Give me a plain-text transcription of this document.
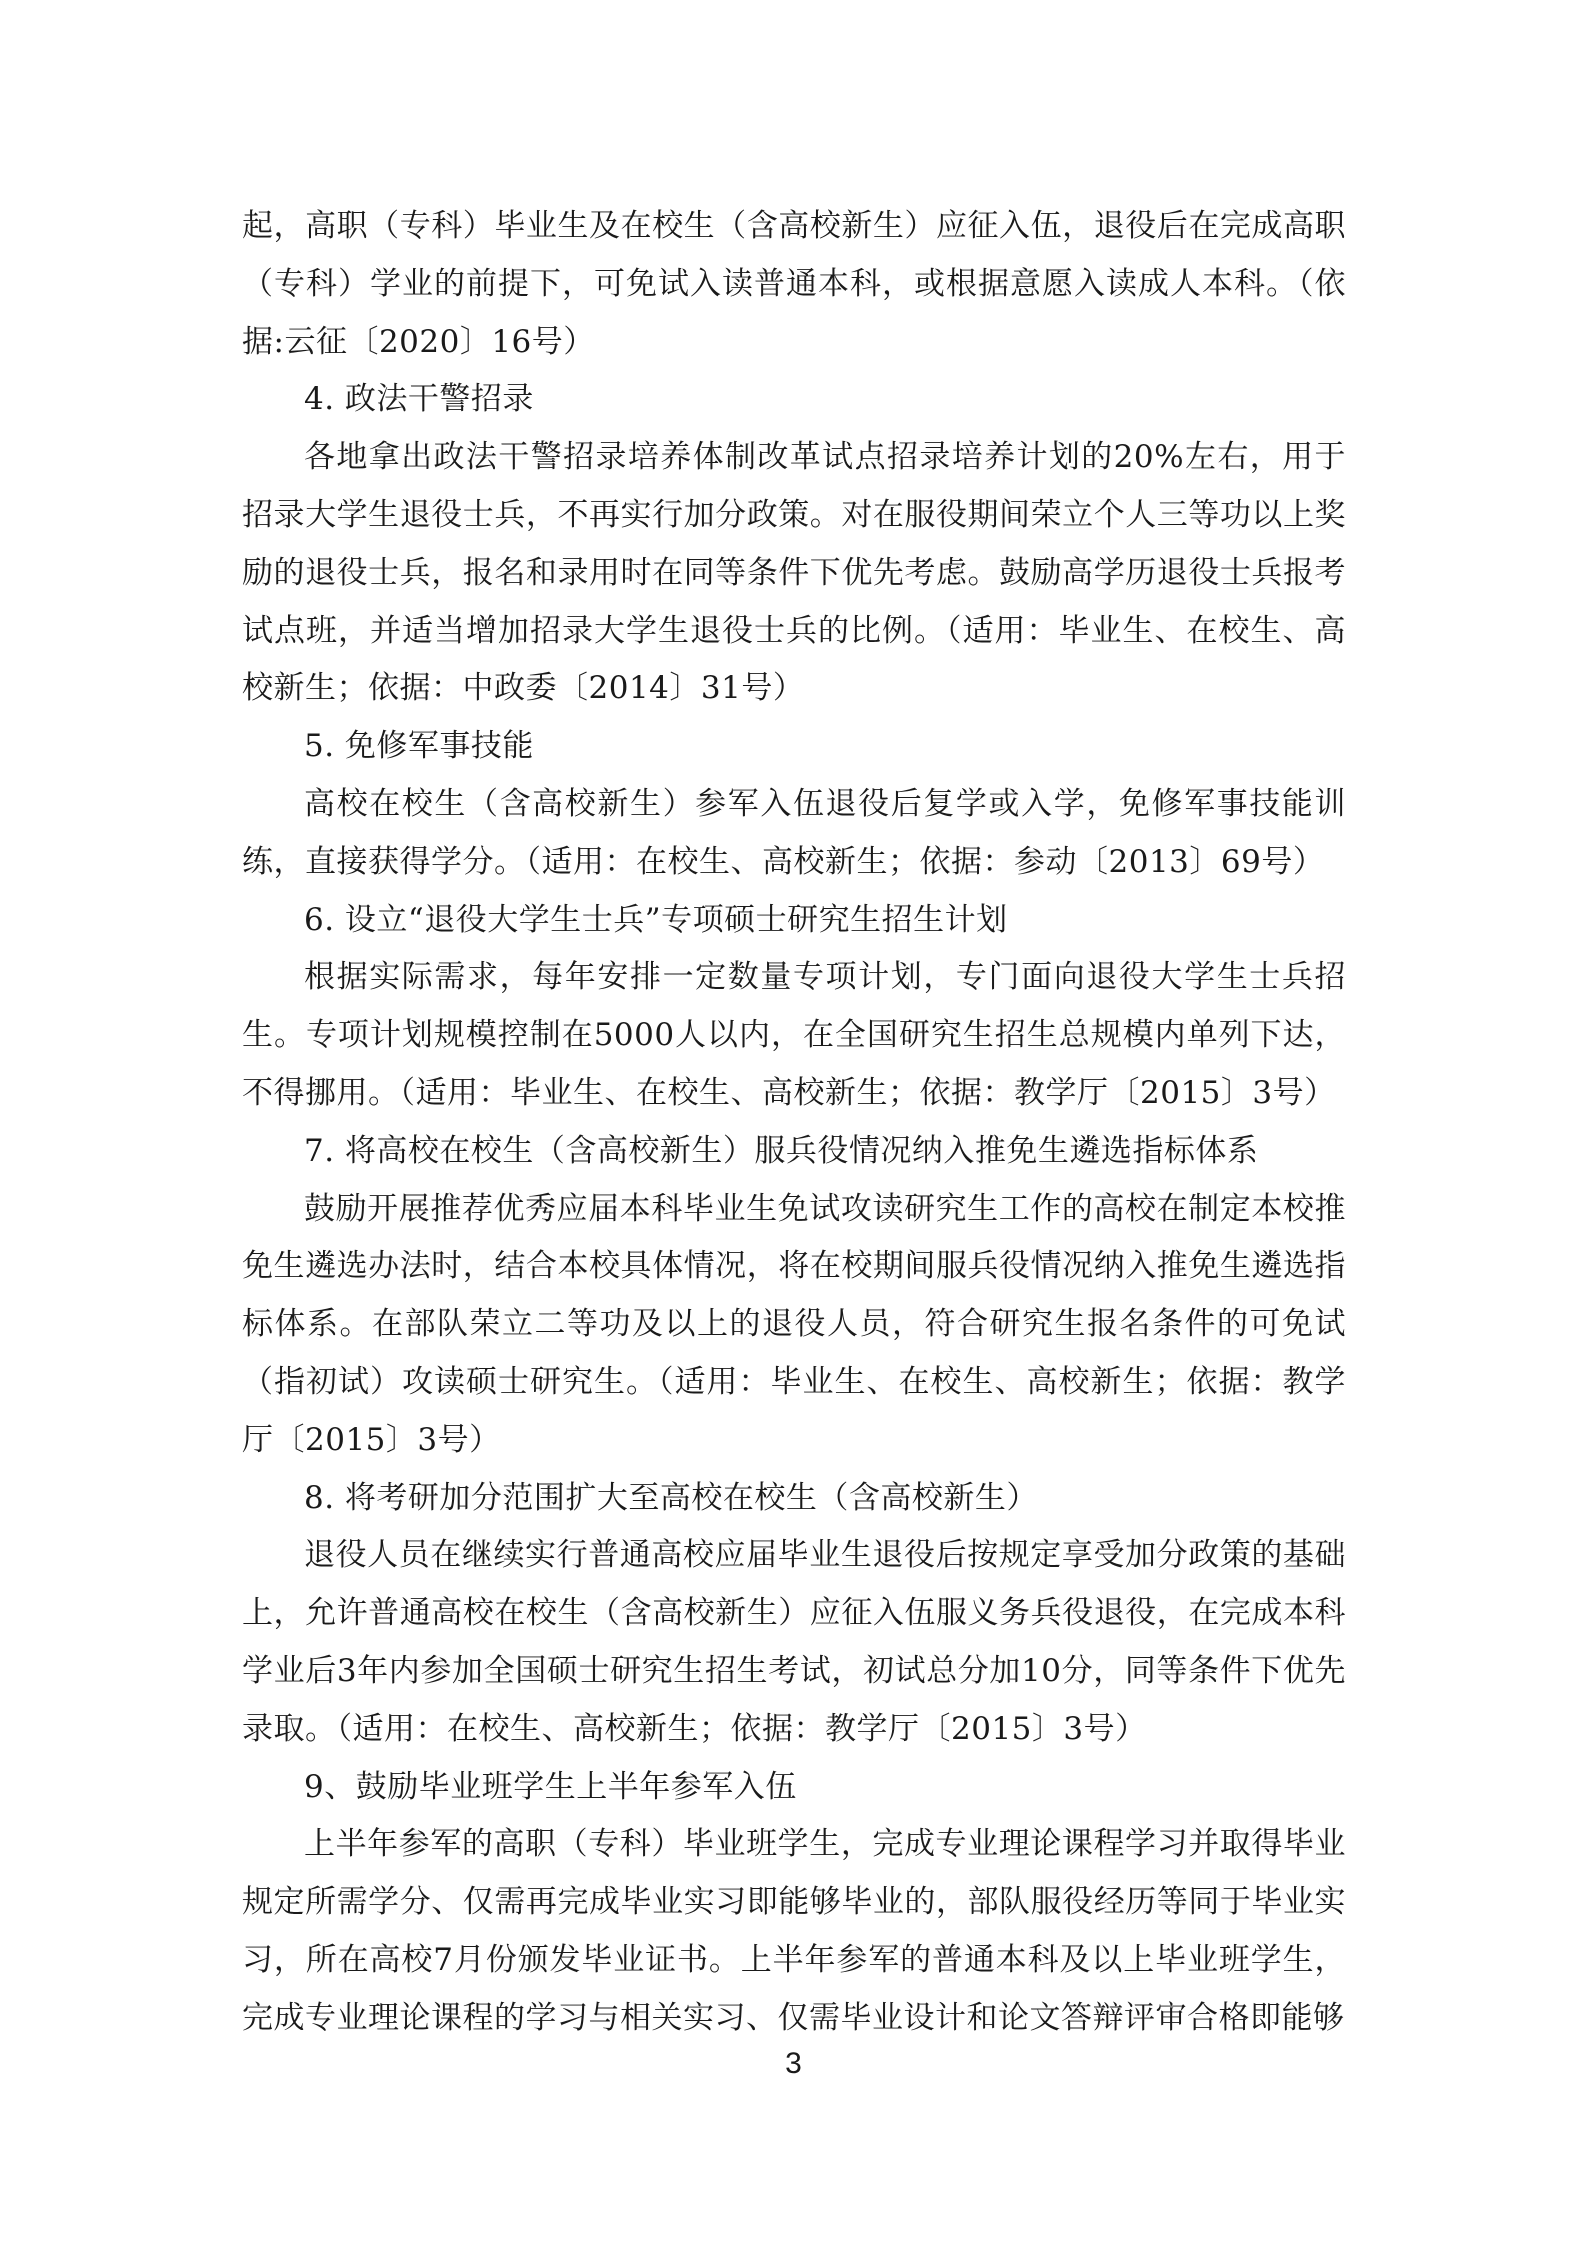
起，高职（专科）毕业生及在校生（含高校新生）应征入伍，退役后在完成高职（专科）学业的前提下，可免试入读普通本科，或根据意愿入读成人本科。（依据:云征〔2020〕16号）

4. 政法干警招录

各地拿出政法干警招录培养体制改革试点招录培养计划的20%左右，用于招录大学生退役士兵，不再实行加分政策。对在服役期间荣立个人三等功以上奖励的退役士兵，报名和录用时在同等条件下优先考虑。鼓励高学历退役士兵报考试点班，并适当增加招录大学生退役士兵的比例。（适用：毕业生、在校生、高校新生；依据：中政委〔2014〕31号）

5. 免修军事技能

高校在校生（含高校新生）参军入伍退役后复学或入学，免修军事技能训练，直接获得学分。（适用：在校生、高校新生；依据：参动〔2013〕69号）

6. 设立“退役大学生士兵”专项硕士研究生招生计划

根据实际需求，每年安排一定数量专项计划，专门面向退役大学生士兵招生。专项计划规模控制在5000人以内，在全国研究生招生总规模内单列下达，不得挪用。（适用：毕业生、在校生、高校新生；依据：教学厅〔2015〕3号）

7. 将高校在校生（含高校新生）服兵役情况纳入推免生遴选指标体系

鼓励开展推荐优秀应届本科毕业生免试攻读研究生工作的高校在制定本校推免生遴选办法时，结合本校具体情况，将在校期间服兵役情况纳入推免生遴选指标体系。在部队荣立二等功及以上的退役人员，符合研究生报名条件的可免试（指初试）攻读硕士研究生。（适用：毕业生、在校生、高校新生；依据：教学厅〔2015〕3号）

8. 将考研加分范围扩大至高校在校生（含高校新生）

退役人员在继续实行普通高校应届毕业生退役后按规定享受加分政策的基础上，允许普通高校在校生（含高校新生）应征入伍服义务兵役退役，在完成本科学业后3年内参加全国硕士研究生招生考试，初试总分加10分，同等条件下优先录取。（适用：在校生、高校新生；依据：教学厅〔2015〕3号）

9、鼓励毕业班学生上半年参军入伍

上半年参军的高职（专科）毕业班学生，完成专业理论课程学习并取得毕业规定所需学分、仅需再完成毕业实习即能够毕业的，部队服役经历等同于毕业实习，所在高校7月份颁发毕业证书。上半年参军的普通本科及以上毕业班学生，完成专业理论课程的学习与相关实习、仅需毕业设计和论文答辩评审合格即能够

3
